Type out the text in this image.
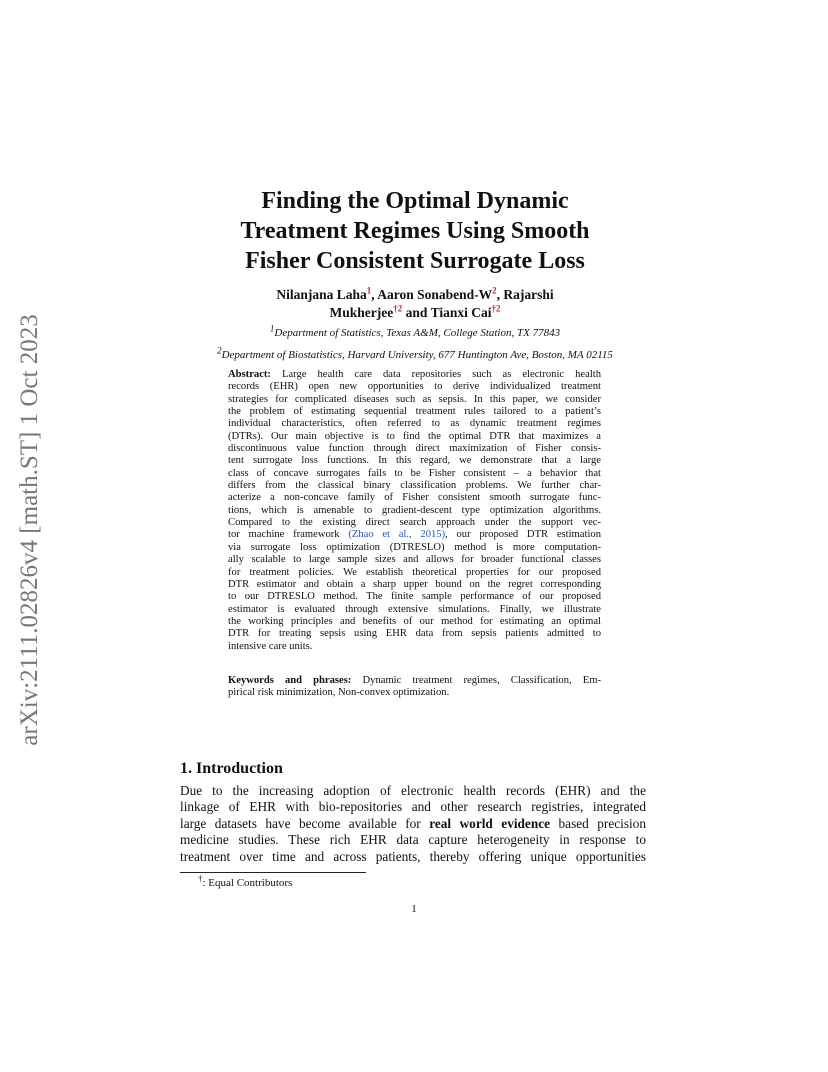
arXiv:2111.02826v4 [math.ST] 1 Oct 2023
Finding the Optimal Dynamic
Treatment Regimes Using Smooth
Fisher Consistent Surrogate Loss
Nilanjana Laha$^1$, Aaron Sonabend-$W^2$, Rajarshi
Mukherjee$^{\dagger 2}$ and Tianxi Cai$^{\dagger 2}$
$^1$Department of Statistics, Texas A&M, College Station, TX 77843
$^2$Department of Biostatistics, Harvard University, 677 Huntington Ave, Boston, MA 02115
Abstract: Large health care data repositories such as electronic health
records (EHR) open new opportunities to derive individualized treatment
strategies for complicated diseases such as sepsis. In this paper, we consider
the problem of estimating sequential treatment rules tailored to a patient’s
individual characteristics, often referred to as dynamic treatment regimes
(DTRs). Our main objective is to find the optimal DTR that maximizes a
discontinuous value function through direct maximization of Fisher consis-
tent surrogate loss functions. In this regard, we demonstrate that a large
class of concave surrogates fails to be Fisher consistent – a behavior that
differs from the classical binary classification problems. We further char-
acterize a non-concave family of Fisher consistent smooth surrogate func-
tions, which is amenable to gradient-descent type optimization algorithms.
Compared to the existing direct search approach under the support vec-
tor machine framework (Zhao et al., 2015), our proposed DTR estimation
via surrogate loss optimization (DTRESLO) method is more computation-
ally scalable to large sample sizes and allows for broader functional classes
for treatment policies. We establish theoretical properties for our proposed
DTR estimator and obtain a sharp upper bound on the regret corresponding
to our DTRESLO method. The finite sample performance of our proposed
estimator is evaluated through extensive simulations. Finally, we illustrate
the working principles and benefits of our method for estimating an optimal
DTR for treating sepsis using EHR data from sepsis patients admitted to
intensive care units.
Keywords and phrases: Dynamic treatment regimes, Classification, Em-
pirical risk minimization, Non-convex optimization.
1. Introduction
Due to the increasing adoption of electronic health records (EHR) and the
linkage of EHR with bio-repositories and other research registries, integrated
large datasets have become available for real world evidence based precision
medicine studies. These rich EHR data capture heterogeneity in response to
treatment over time and across patients, thereby offering unique opportunities
†: Equal Contributors
1
